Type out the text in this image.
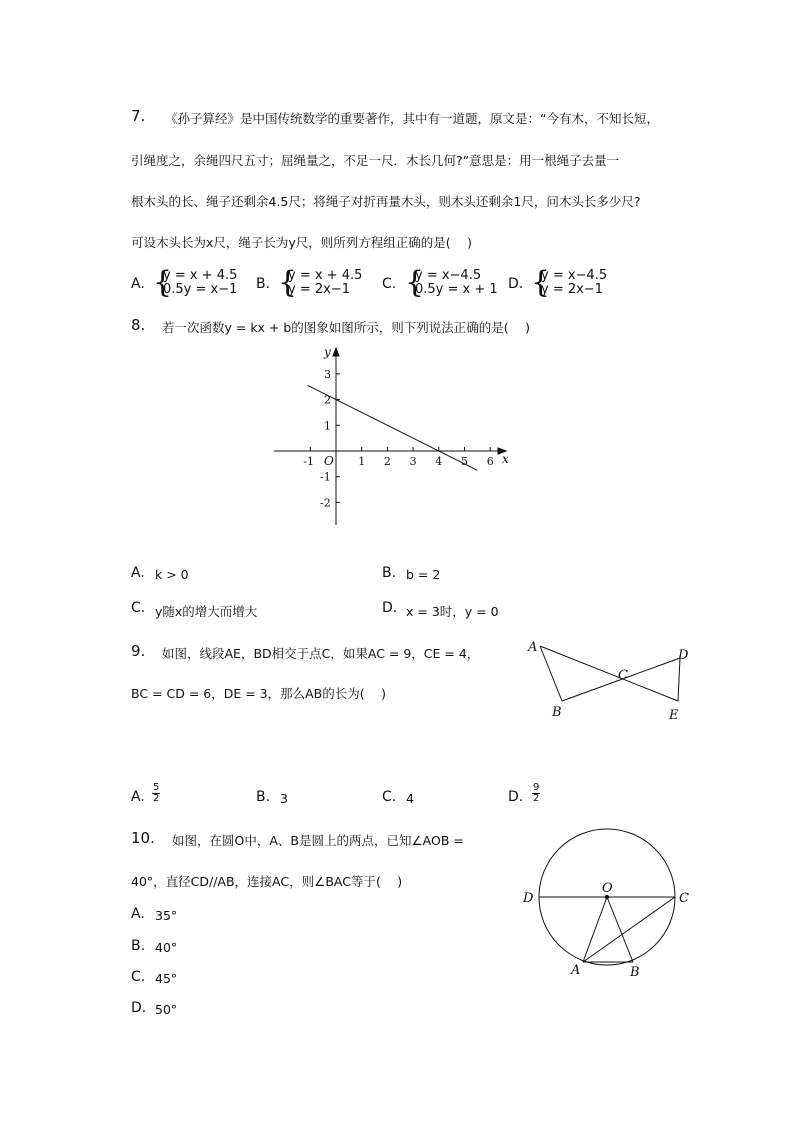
7. 《孙子算经》是中国传统数学的重要著作，其中有一道题，原文是：“今有木，不知长短，
引绳度之，余绳四尺五寸；屈绳量之，不足一尺．木长几何?”意思是：用一根绳子去量一
根木头的长、绳子还剩余4.5尺；将绳子对折再量木头，则木头还剩余1尺，问木头长多少尺?
可设木头长为x尺，绳子长为y尺，则所列方程组正确的是(　 )
A. {
y = x + 4.5
0.5y = x−1 B. {
y = x + 4.5
y = 2x−1 C. {
y = x−4.5
0.5y = x + 1 D. {
y = x−4.5
y = 2x−1
8. 若一次函数y = kx + b的图象如图所示，则下列说法正确的是(　 )
x
y
O
-1	1 2 3 4 5 6
3
2
1
-1
-2
A. k > 0	B. b = 2
C. y随x的增大而增大	D. x = 3时，y = 0
9. 如图，线段AE，BD相交于点C，如果AC = 9，CE = 4，
BC = CD = 6，DE = 3，那么AB的长为(　 )
A
B
C
D
E
A. $\frac{5}{2}$	B. 3	C. 4	D. $\frac{9}{2}$
10. 如图，在圆O中，A、B是圆上的两点，已知∠AOB =
40°，直径CD//AB，连接AC，则∠BAC等于(　 )	O
D	C
A	B
A. 35°
B. 40°
C. 45°
D. 50°
